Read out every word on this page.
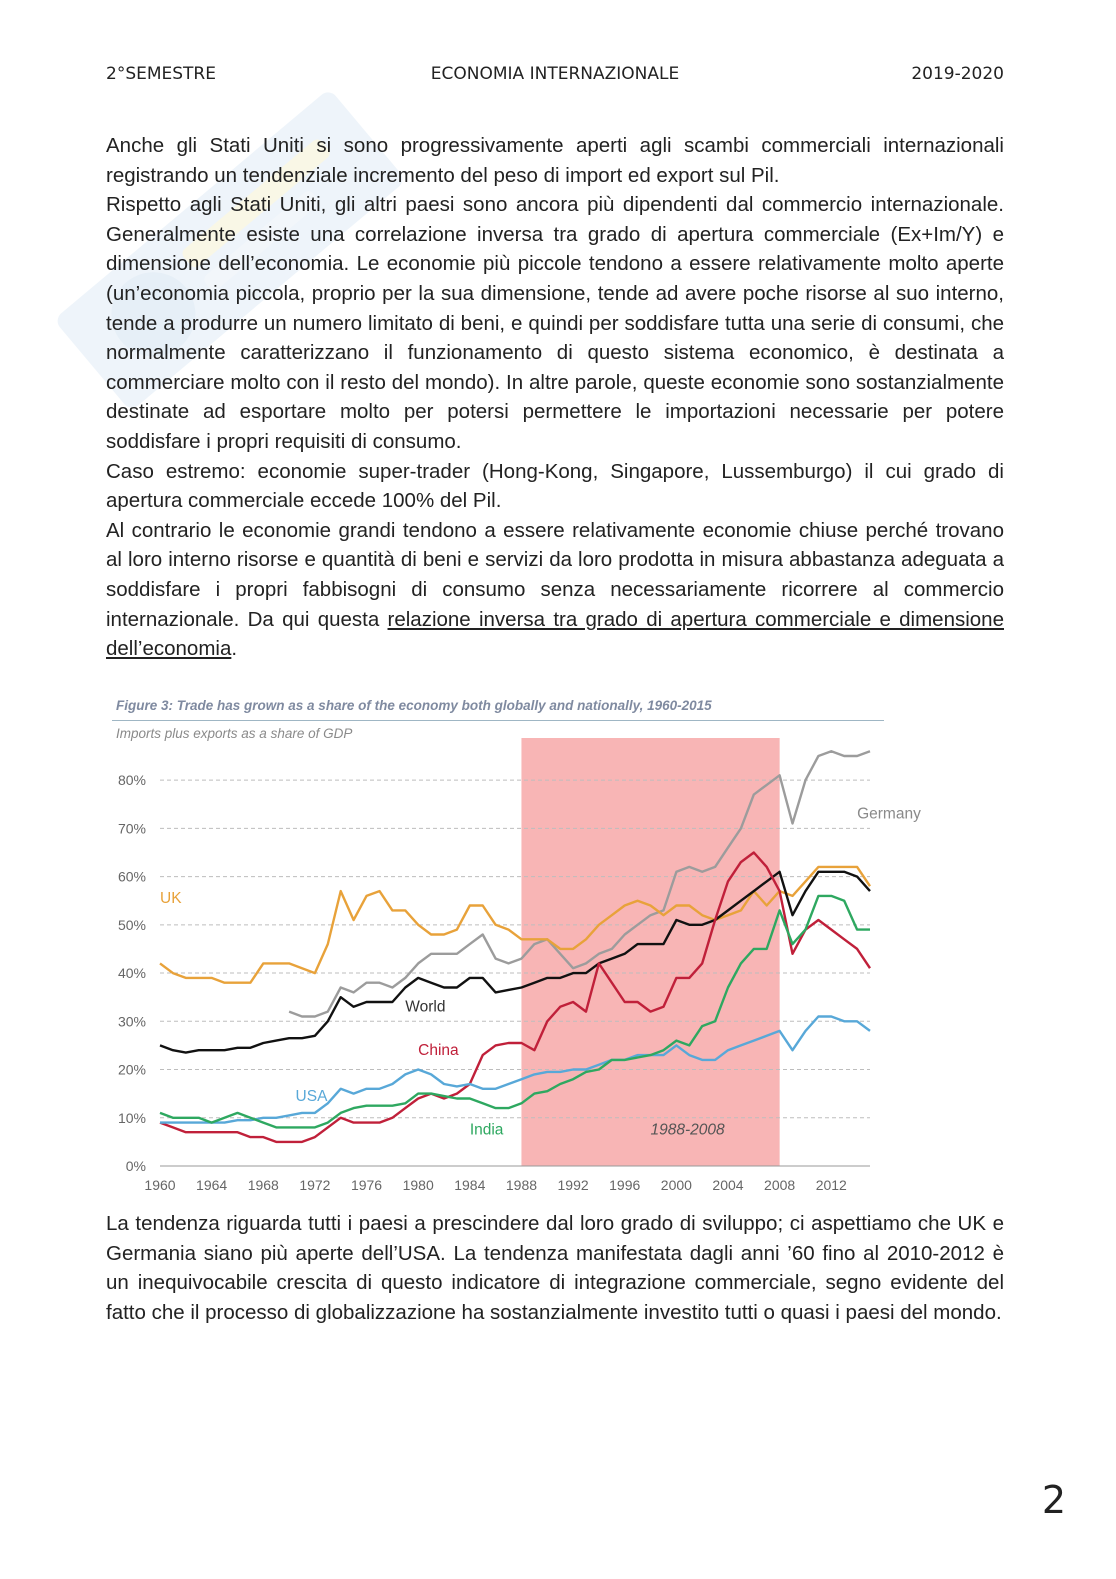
2°SEMESTRE	ECONOMIA INTERNAZIONALE	2019-2020

Anche gli Stati Uniti si sono progressivamente aperti agli scambi commerciali internazionali registrando un tendenziale incremento del peso di import ed export sul Pil.

Rispetto agli Stati Uniti, gli altri paesi sono ancora più dipendenti dal commercio internazionale. Generalmente esiste una correlazione inversa tra grado di apertura commerciale (Ex+Im/Y) e dimensione dell’economia. Le economie più piccole tendono a essere relativamente molto aperte (un’economia piccola, proprio per la sua dimensione, tende ad avere poche risorse al suo interno, tende a produrre un numero limitato di beni, e quindi per soddisfare tutta una serie di consumi, che normalmente caratterizzano il funzionamento di questo sistema economico, è destinata a commerciare molto con il resto del mondo). In altre parole, queste economie sono sostanzialmente destinate ad esportare molto per potersi permettere le importazioni necessarie per potere soddisfare i propri requisiti di consumo.

Caso estremo: economie super-trader (Hong-Kong, Singapore, Lussemburgo) il cui grado di apertura commerciale eccede 100% del Pil.

Al contrario le economie grandi tendono a essere relativamente economie chiuse perché trovano al loro interno risorse e quantità di beni e servizi da loro prodotta in misura abbastanza adeguata a soddisfare i propri fabbisogni di consumo senza necessariamente ricorrere al commercio internazionale. Da qui questa relazione inversa tra grado di apertura commerciale e dimensione dell’economia.

Figure 3: Trade has grown as a share of the economy both globally and nationally, 1960-2015
Imports plus exports as a share of GDP
0%
10%
20%
30%
40%
50%
60%
70%
80%
1960 1964 1968 1972 1976 1980 1984 1988 1992 1996 2000 2004 2008 2012
Germany
UK
World
China
USA
India	1988-2008

La tendenza riguarda tutti i paesi a prescindere dal loro grado di sviluppo; ci aspettiamo che UK e Germania siano più aperte dell’USA. La tendenza manifestata dagli anni ’60 fino al 2010-2012 è un inequivocabile crescita di questo indicatore di integrazione commerciale, segno evidente del fatto che il processo di globalizzazione ha sostanzialmente investito tutti o quasi i paesi del mondo.

2
